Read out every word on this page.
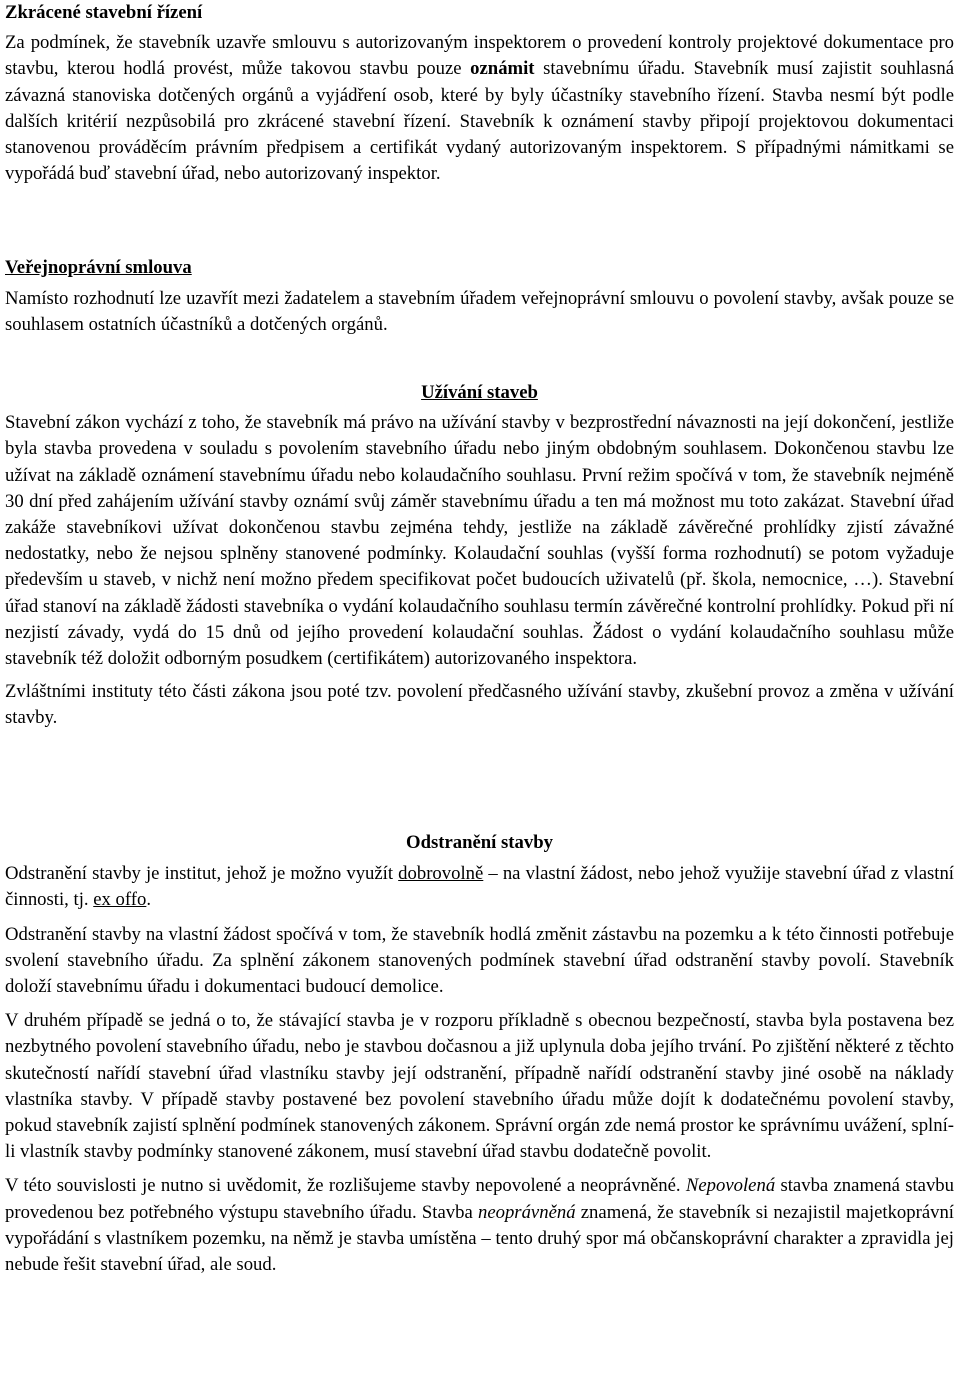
Zkrácené stavební řízení

Za podmínek, že stavebník uzavře smlouvu s autorizovaným inspektorem o provedení kontroly projektové dokumentace pro stavbu, kterou hodlá provést, může takovou stavbu pouze oznámit stavebnímu úřadu. Stavebník musí zajistit souhlasná závazná stanoviska dotčených orgánů a vyjádření osob, které by byly účastníky stavebního řízení. Stavba nesmí být podle dalších kritérií nezpůsobilá pro zkrácené stavební řízení. Stavebník k oznámení stavby připojí projektovou dokumentaci stanovenou prováděcím právním předpisem a certifikát vydaný autorizovaným inspektorem. S případnými námitkami se vypořádá buď stavební úřad, nebo autorizovaný inspektor.

Veřejnoprávní smlouva

Namísto rozhodnutí lze uzavřít mezi žadatelem a stavebním úřadem veřejnoprávní smlouvu o povolení stavby, avšak pouze se souhlasem ostatních účastníků a dotčených orgánů.

Užívání staveb

Stavební zákon vychází z toho, že stavebník má právo na užívání stavby v bezprostřední návaznosti na její dokončení, jestliže byla stavba provedena v souladu s povolením stavebního úřadu nebo jiným obdobným souhlasem. Dokončenou stavbu lze užívat na základě oznámení stavebnímu úřadu nebo kolaudačního souhlasu. První režim spočívá v tom, že stavebník nejméně 30 dní před zahájením užívání stavby oznámí svůj záměr stavebnímu úřadu a ten má možnost mu toto zakázat. Stavební úřad zakáže stavebníkovi užívat dokončenou stavbu zejména tehdy, jestliže na základě závěrečné prohlídky zjistí závažné nedostatky, nebo že nejsou splněny stanovené podmínky. Kolaudační souhlas (vyšší forma rozhodnutí) se potom vyžaduje především u staveb, v nichž není možno předem specifikovat počet budoucích uživatelů (př. škola, nemocnice, …). Stavební úřad stanoví na základě žádosti stavebníka o vydání kolaudačního souhlasu termín závěrečné kontrolní prohlídky. Pokud při ní nezjistí závady, vydá do 15 dnů od jejího provedení kolaudační souhlas. Žádost o vydání kolaudačního souhlasu může stavebník též doložit odborným posudkem (certifikátem) autorizovaného inspektora.

Zvláštními instituty této části zákona jsou poté tzv. povolení předčasného užívání stavby, zkušební provoz a změna v užívání stavby.

Odstranění stavby

Odstranění stavby je institut, jehož je možno využít dobrovolně – na vlastní žádost, nebo jehož využije stavební úřad z vlastní činnosti, tj. ex offo.

Odstranění stavby na vlastní žádost spočívá v tom, že stavebník hodlá změnit zástavbu na pozemku a k této činnosti potřebuje svolení stavebního úřadu. Za splnění zákonem stanovených podmínek stavební úřad odstranění stavby povolí. Stavebník doloží stavebnímu úřadu i dokumentaci budoucí demolice.

V druhém případě se jedná o to, že stávající stavba je v rozporu příkladně s obecnou bezpečností, stavba byla postavena bez nezbytného povolení stavebního úřadu, nebo je stavbou dočasnou a již uplynula doba jejího trvání. Po zjištění některé z těchto skutečností nařídí stavební úřad vlastníku stavby její odstranění, případně nařídí odstranění stavby jiné osobě na náklady vlastníka stavby. V případě stavby postavené bez povolení stavebního úřadu může dojít k dodatečnému povolení stavby, pokud stavebník zajistí splnění podmínek stanovených zákonem. Správní orgán zde nemá prostor ke správnímu uvážení, splní-li vlastník stavby podmínky stanovené zákonem, musí stavební úřad stavbu dodatečně povolit.

V této souvislosti je nutno si uvědomit, že rozlišujeme stavby nepovolené a neoprávněné. Nepovolená stavba znamená stavbu provedenou bez potřebného výstupu stavebního úřadu. Stavba neoprávněná znamená, že stavebník si nezajistil majetkoprávní vypořádání s vlastníkem pozemku, na němž je stavba umístěna – tento druhý spor má občanskoprávní charakter a zpravidla jej nebude řešit stavební úřad, ale soud.
